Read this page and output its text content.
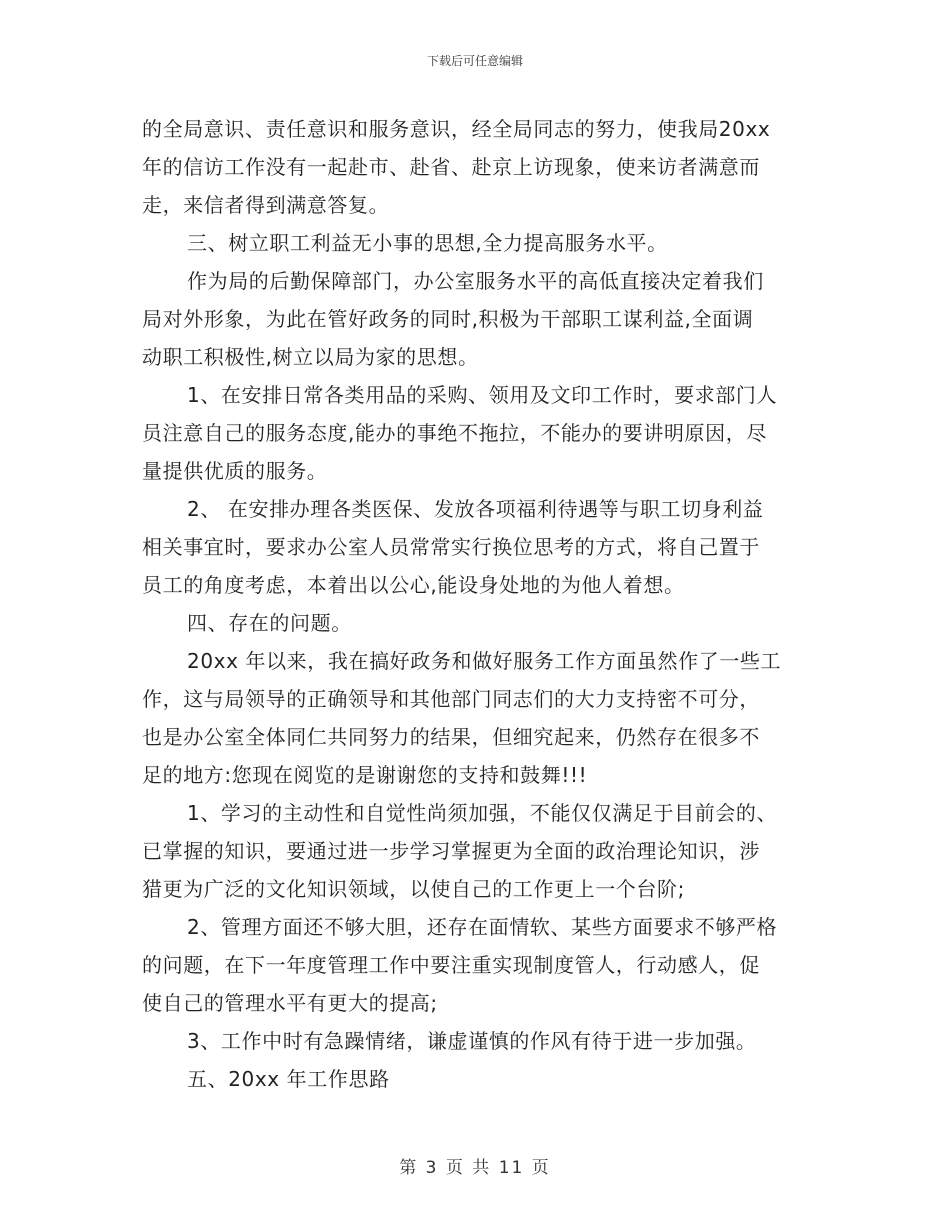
下载后可任意编辑
的全局意识、责任意识和服务意识，经全局同志的努力，使我局20xx
年的信访工作没有一起赴市、赴省、赴京上访现象，使来访者满意而
走，来信者得到满意答复。
三、树立职工利益无小事的思想,全力提高服务水平。
作为局的后勤保障部门，办公室服务水平的高低直接决定着我们
局对外形象，为此在管好政务的同时,积极为干部职工谋利益,全面调
动职工积极性,树立以局为家的思想。
1、在安排日常各类用品的采购、领用及文印工作时，要求部门人
员注意自己的服务态度,能办的事绝不拖拉，不能办的要讲明原因，尽
量提供优质的服务。
2、 在安排办理各类医保、发放各项福利待遇等与职工切身利益
相关事宜时，要求办公室人员常常实行换位思考的方式，将自己置于
员工的角度考虑，本着出以公心,能设身处地的为他人着想。
四、存在的问题。
20xx 年以来，我在搞好政务和做好服务工作方面虽然作了一些工
作，这与局领导的正确领导和其他部门同志们的大力支持密不可分，
也是办公室全体同仁共同努力的结果，但细究起来，仍然存在很多不
足的地方:您现在阅览的是谢谢您的支持和鼓舞!!!
1、学习的主动性和自觉性尚须加强，不能仅仅满足于目前会的、
已掌握的知识，要通过进一步学习掌握更为全面的政治理论知识，涉
猎更为广泛的文化知识领域，以使自己的工作更上一个台阶;
2、管理方面还不够大胆，还存在面情软、某些方面要求不够严格
的问题，在下一年度管理工作中要注重实现制度管人，行动感人，促
使自己的管理水平有更大的提高;
3、工作中时有急躁情绪，谦虚谨慎的作风有待于进一步加强。
五、20xx 年工作思路
第 3 页 共 11 页
